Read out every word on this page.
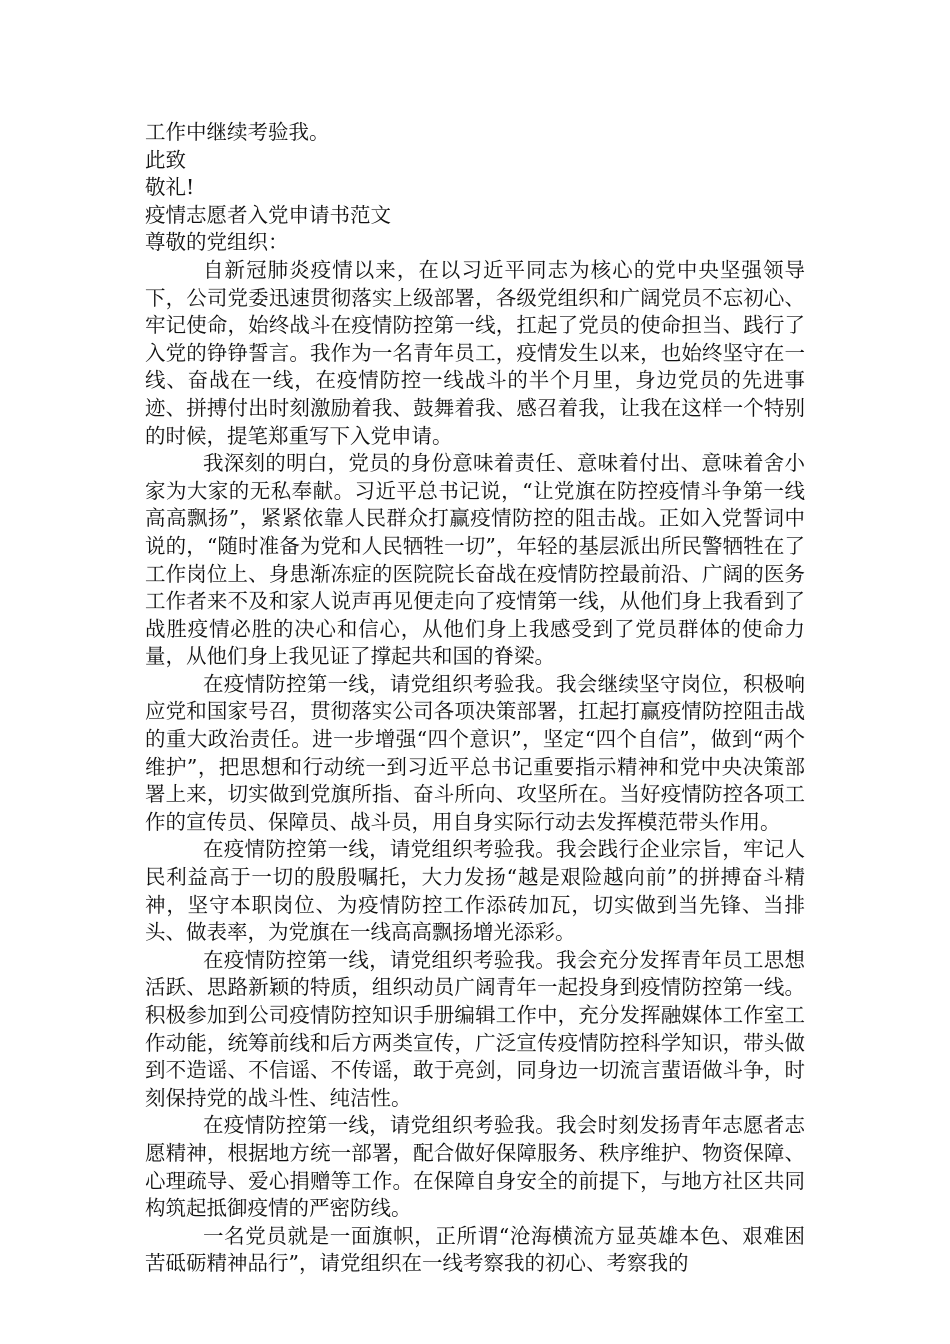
工作中继续考验我。

此致

敬礼!

疫情志愿者入党申请书范文

尊敬的党组织：

自新冠肺炎疫情以来，在以习近平同志为核心的党中央坚强领导下，公司党委迅速贯彻落实上级部署，各级党组织和广阔党员不忘初心、牢记使命，始终战斗在疫情防控第一线，扛起了党员的使命担当、践行了入党的铮铮誓言。我作为一名青年员工，疫情发生以来，也始终坚守在一线、奋战在一线，在疫情防控一线战斗的半个月里，身边党员的先进事迹、拼搏付出时刻激励着我、鼓舞着我、感召着我，让我在这样一个特别的时候，提笔郑重写下入党申请。

我深刻的明白，党员的身份意味着责任、意味着付出、意味着舍小家为大家的无私奉献。习近平总书记说，“让党旗在防控疫情斗争第一线高高飘扬”，紧紧依靠人民群众打赢疫情防控的阻击战。正如入党誓词中说的，“随时准备为党和人民牺牲一切”，年轻的基层派出所民警牺牲在了工作岗位上、身患渐冻症的医院院长奋战在疫情防控最前沿、广阔的医务工作者来不及和家人说声再见便走向了疫情第一线，从他们身上我看到了战胜疫情必胜的决心和信心，从他们身上我感受到了党员群体的使命力量，从他们身上我见证了撑起共和国的脊梁。

在疫情防控第一线，请党组织考验我。我会继续坚守岗位，积极响应党和国家号召，贯彻落实公司各项决策部署，扛起打赢疫情防控阻击战的重大政治责任。进一步增强“四个意识”，坚定“四个自信”，做到“两个维护”，把思想和行动统一到习近平总书记重要指示精神和党中央决策部署上来，切实做到党旗所指、奋斗所向、攻坚所在。当好疫情防控各项工作的宣传员、保障员、战斗员，用自身实际行动去发挥模范带头作用。

在疫情防控第一线，请党组织考验我。我会践行企业宗旨，牢记人民利益高于一切的殷殷嘱托，大力发扬“越是艰险越向前”的拼搏奋斗精神，坚守本职岗位、为疫情防控工作添砖加瓦，切实做到当先锋、当排头、做表率，为党旗在一线高高飘扬增光添彩。

在疫情防控第一线，请党组织考验我。我会充分发挥青年员工思想活跃、思路新颖的特质，组织动员广阔青年一起投身到疫情防控第一线。积极参加到公司疫情防控知识手册编辑工作中，充分发挥融媒体工作室工作动能，统筹前线和后方两类宣传，广泛宣传疫情防控科学知识，带头做到不造谣、不信谣、不传谣，敢于亮剑，同身边一切流言蜚语做斗争，时刻保持党的战斗性、纯洁性。

在疫情防控第一线，请党组织考验我。我会时刻发扬青年志愿者志愿精神，根据地方统一部署，配合做好保障服务、秩序维护、物资保障、心理疏导、爱心捐赠等工作。在保障自身安全的前提下，与地方社区共同构筑起抵御疫情的严密防线。

一名党员就是一面旗帜，正所谓“沧海横流方显英雄本色、艰难困苦砥砺精神品行”，请党组织在一线考察我的初心、考察我的
